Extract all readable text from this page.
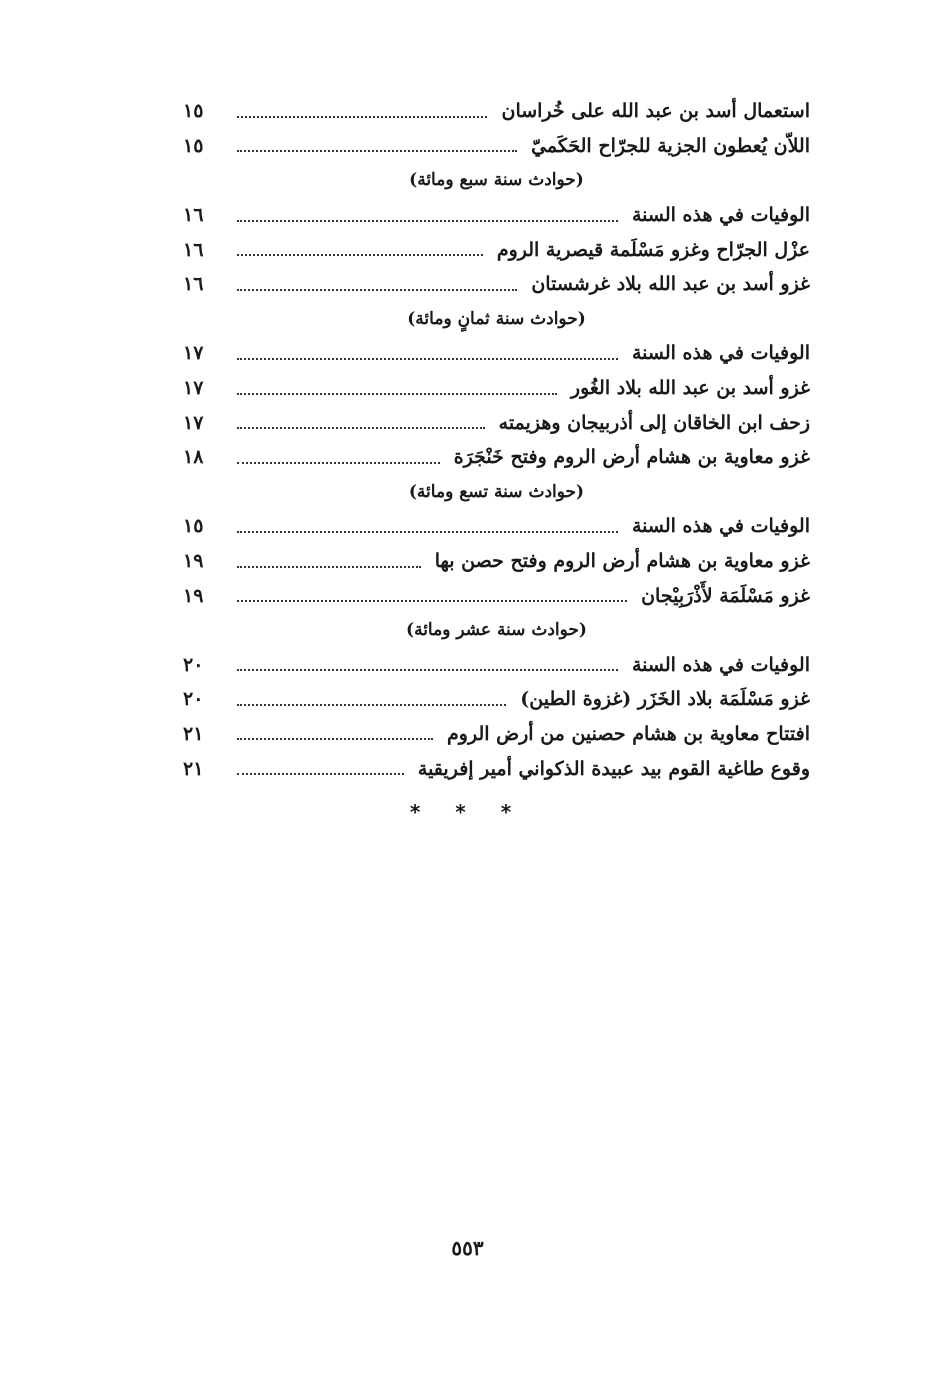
استعمال أسد بن عبد الله على خُراسان
١٥
اللاّن يُعطون الجزية للجرّاح الحَكَميّ
١٥
(حوادث سنة سبع ومائة)
الوفيات في هذه السنة
١٦
عزْل الجرّاح وغزو مَسْلَمة قيصرية الروم
١٦
غزو أسد بن عبد الله بلاد غرشستان
١٦
(حوادث سنة ثمانٍ ومائة)
الوفيات في هذه السنة
١٧
غزو أسد بن عبد الله بلاد الغُور
١٧
زحف ابن الخاقان إلى أذربيجان وهزيمته
١٧
غزو معاوية بن هشام أرض الروم وفتح خَنْجَرَة
١٨
(حوادث سنة تسع ومائة)
الوفيات في هذه السنة
١٥
غزو معاوية بن هشام أرض الروم وفتح حصن بها
١٩
غزو مَسْلَمَة لأَذْرَبِيْجان
١٩
(حوادث سنة عشر ومائة)
الوفيات في هذه السنة
٢٠
غزو مَسْلَمَة بلاد الخَزَر (غزوة الطين)
٢٠
افتتاح معاوية بن هشام حصنين من أرض الروم
٢١
وقوع طاغية القوم بيد عبيدة الذكواني أمير إفريقية
٢١
* * *
٥٥٣
